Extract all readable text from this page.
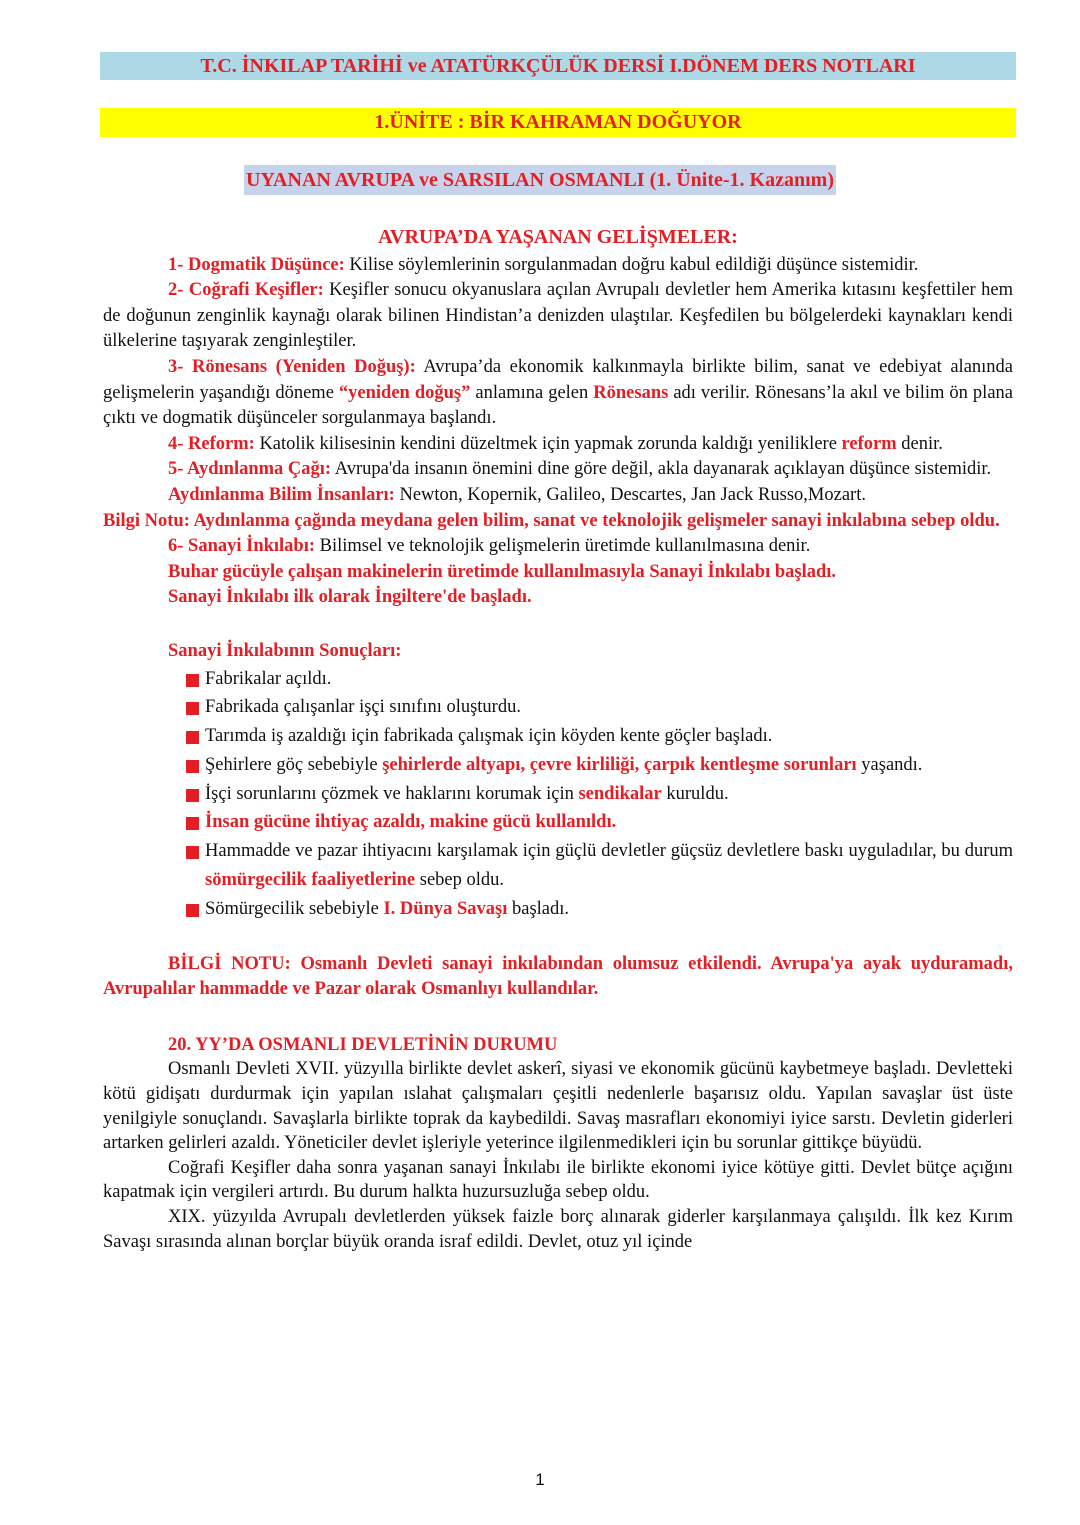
T.C. İNKILAP TARİHİ ve ATATÜRKÇÜLÜK DERSİ I.DÖNEM DERS NOTLARI
1.ÜNİTE : BİR KAHRAMAN DOĞUYOR
UYANAN AVRUPA ve SARSILAN OSMANLI (1. Ünite-1. Kazanım)
AVRUPA’DA YAŞANAN GELİŞMELER:
1- Dogmatik Düşünce: Kilise söylemlerinin sorgulanmadan doğru kabul edildiği düşünce sistemidir.
2- Coğrafi Keşifler: Keşifler sonucu okyanuslara açılan Avrupalı devletler hem Amerika kıtasını keşfettiler hem de doğunun zenginlik kaynağı olarak bilinen Hindistan’a denizden ulaştılar. Keşfedilen bu bölgelerdeki kaynakları kendi ülkelerine taşıyarak zenginleştiler.
3- Rönesans (Yeniden Doğuş): Avrupa’da ekonomik kalkınmayla birlikte bilim, sanat ve edebiyat alanında gelişmelerin yaşandığı döneme “yeniden doğuş” anlamına gelen Rönesans adı verilir. Rönesans’la akıl ve bilim ön plana çıktı ve dogmatik düşünceler sorgulanmaya başlandı.
4- Reform: Katolik kilisesinin kendini düzeltmek için yapmak zorunda kaldığı yeniliklere reform denir.
5- Aydınlanma Çağı: Avrupa'da insanın önemini dine göre değil, akla dayanarak açıklayan düşünce sistemidir.
Aydınlanma Bilim İnsanları: Newton, Kopernik, Galileo, Descartes, Jan Jack Russo,Mozart.
Bilgi Notu: Aydınlanma çağında meydana gelen bilim, sanat ve teknolojik gelişmeler sanayi inkılabına sebep oldu.
6- Sanayi İnkılabı: Bilimsel ve teknolojik gelişmelerin üretimde kullanılmasına denir.
Buhar gücüyle çalışan makinelerin üretimde kullanılmasıyla Sanayi İnkılabı başladı.
Sanayi İnkılabı ilk olarak İngiltere'de başladı.
Sanayi İnkılabının Sonuçları:
Fabrikalar açıldı.
Fabrikada çalışanlar işçi sınıfını oluşturdu.
Tarımda iş azaldığı için fabrikada çalışmak için köyden kente göçler başladı.
Şehirlere göç sebebiyle şehirlerde altyapı, çevre kirliliği, çarpık kentleşme sorunları yaşandı.
İşçi sorunlarını çözmek ve haklarını korumak için sendikalar kuruldu.
İnsan gücüne ihtiyaç azaldı, makine gücü kullanıldı.
Hammadde ve pazar ihtiyacını karşılamak için güçlü devletler güçsüz devletlere baskı uyguladılar, bu durum sömürgecilik faaliyetlerine sebep oldu.
Sömürgecilik sebebiyle I. Dünya Savaşı başladı.
BİLGİ NOTU: Osmanlı Devleti sanayi inkılabından olumsuz etkilendi. Avrupa'ya ayak uyduramadı, Avrupalılar hammadde ve Pazar olarak Osmanlıyı kullandılar.
20. YY’DA OSMANLI DEVLETİNİN DURUMU
Osmanlı Devleti XVII. yüzyılla birlikte devlet askerî, siyasi ve ekonomik gücünü kaybetmeye başladı. Devletteki kötü gidişatı durdurmak için yapılan ıslahat çalışmaları çeşitli nedenlerle başarısız oldu. Yapılan savaşlar üst üste yenilgiyle sonuçlandı. Savaşlarla birlikte toprak da kaybedildi. Savaş masrafları ekonomiyi iyice sarstı. Devletin giderleri artarken gelirleri azaldı. Yöneticiler devlet işleriyle yeterince ilgilenmedikleri için bu sorunlar gittikçe büyüdü.
Coğrafi Keşifler daha sonra yaşanan sanayi İnkılabı ile birlikte ekonomi iyice kötüye gitti. Devlet bütçe açığını kapatmak için vergileri artırdı. Bu durum halkta huzursuzluğa sebep oldu.
XIX. yüzyılda Avrupalı devletlerden yüksek faizle borç alınarak giderler karşılanmaya çalışıldı. İlk kez Kırım Savaşı sırasında alınan borçlar büyük oranda israf edildi. Devlet, otuz yıl içinde
1
